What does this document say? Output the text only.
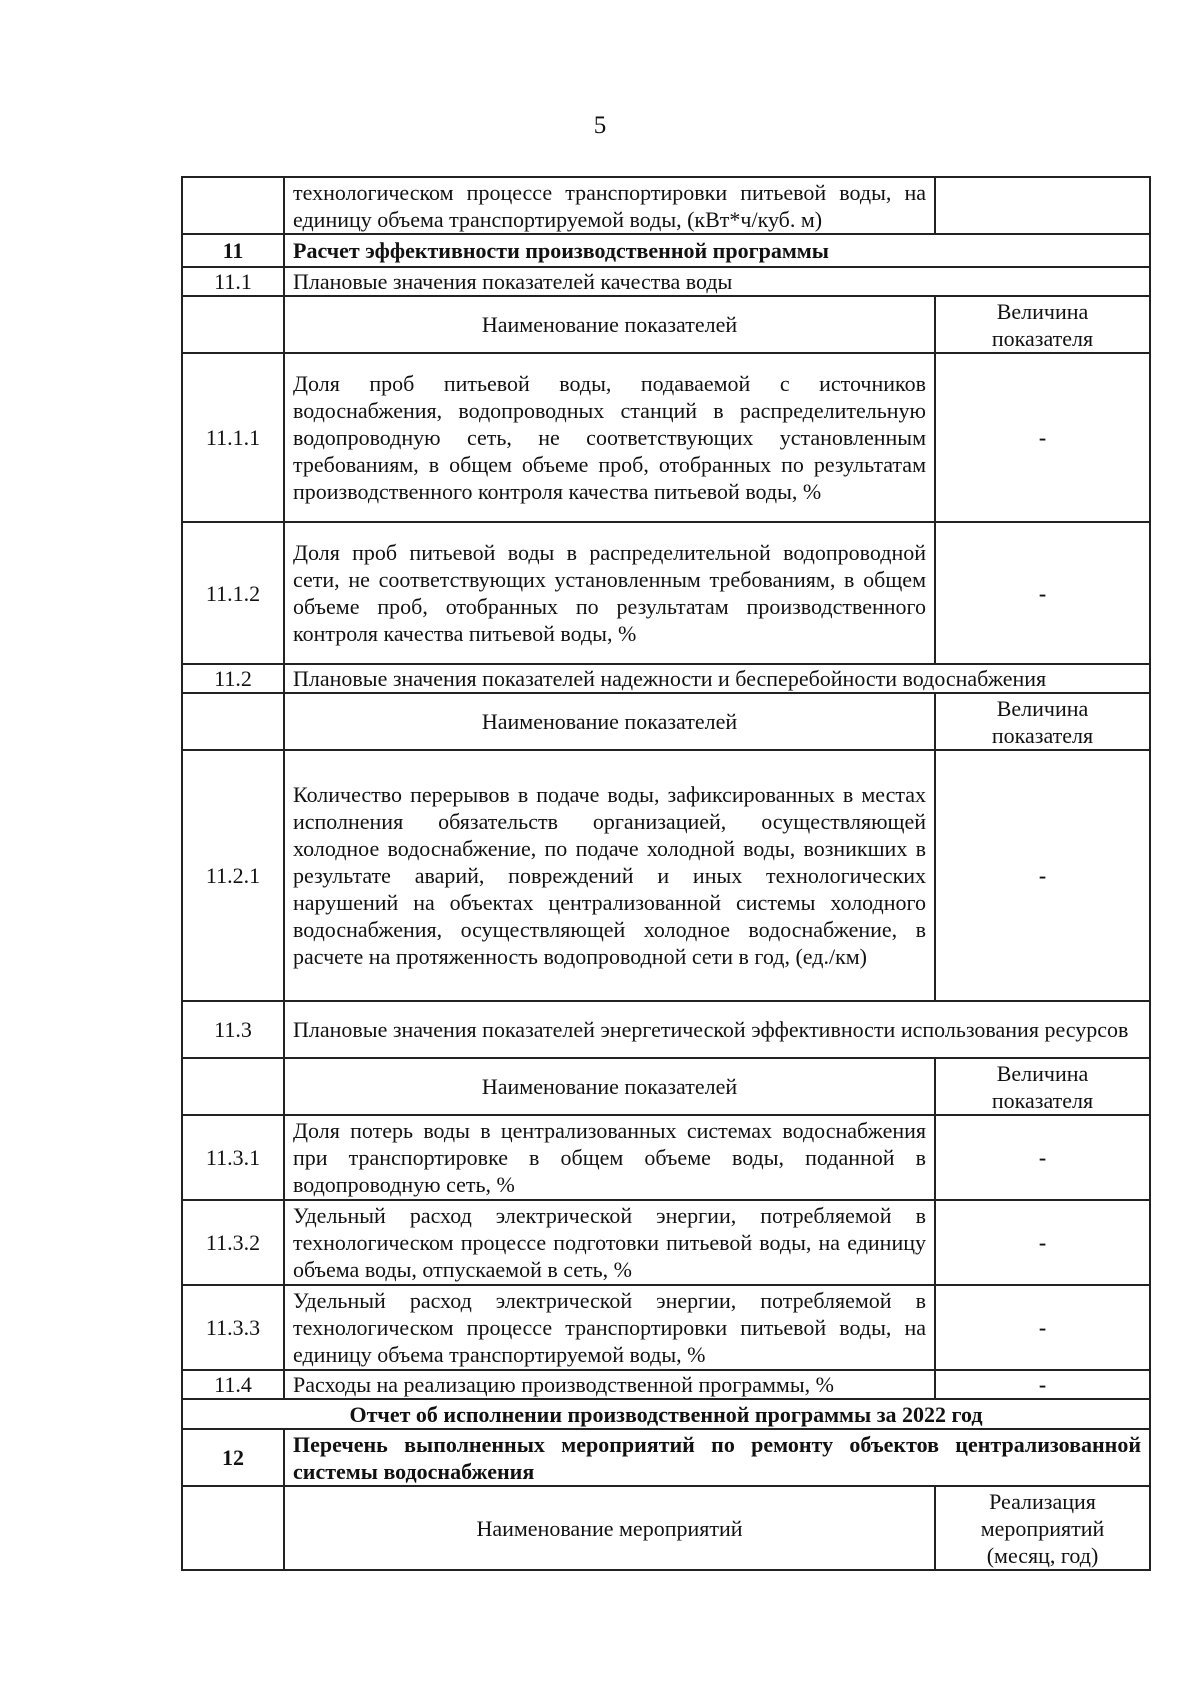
5
	технологическом процессе транспортировки питьевой воды, на единицу объема транспортируемой воды, (кВт*ч/куб. м)	
11	Расчет эффективности производственной программы	
11.1	Плановые значения показателей качества воды	
	Наименование показателей	Величина показателя
11.1.1	Доля проб питьевой воды, подаваемой с источников водоснабжения, водопроводных станций в распределительную водопроводную сеть, не соответствующих установленным требованиям, в общем объеме проб, отобранных по результатам производственного контроля качества питьевой воды, %	-
11.1.2	Доля проб питьевой воды в распределительной водопроводной сети, не соответствующих установленным требованиям, в общем объеме проб, отобранных по результатам производственного контроля качества питьевой воды, %	-
11.2	Плановые значения показателей надежности и бесперебойности водоснабжения	
	Наименование показателей	Величина показателя
11.2.1	Количество перерывов в подаче воды, зафиксированных в местах исполнения обязательств организацией, осуществляющей холодное водоснабжение, по подаче холодной воды, возникших в результате аварий, повреждений и иных технологических нарушений на объектах централизованной системы холодного водоснабжения, осуществляющей холодное водоснабжение, в расчете на протяженность водопроводной сети в год, (ед./км)	-
11.3	Плановые значения показателей энергетической эффективности использования ресурсов	
	Наименование показателей	Величина показателя
11.3.1	Доля потерь воды в централизованных системах водоснабжения при транспортировке в общем объеме воды, поданной в водопроводную сеть, %	-
11.3.2	Удельный расход электрической энергии, потребляемой в технологическом процессе подготовки питьевой воды, на единицу объема воды, отпускаемой в сеть, %	-
11.3.3	Удельный расход электрической энергии, потребляемой в технологическом процессе транспортировки питьевой воды, на единицу объема транспортируемой воды, %	-
11.4	Расходы на реализацию производственной программы, %	-
Отчет об исполнении производственной программы за 2022 год		
12	Перечень выполненных мероприятий по ремонту объектов централизованной системы водоснабжения	
	Наименование мероприятий	Реализация мероприятий (месяц, год)
